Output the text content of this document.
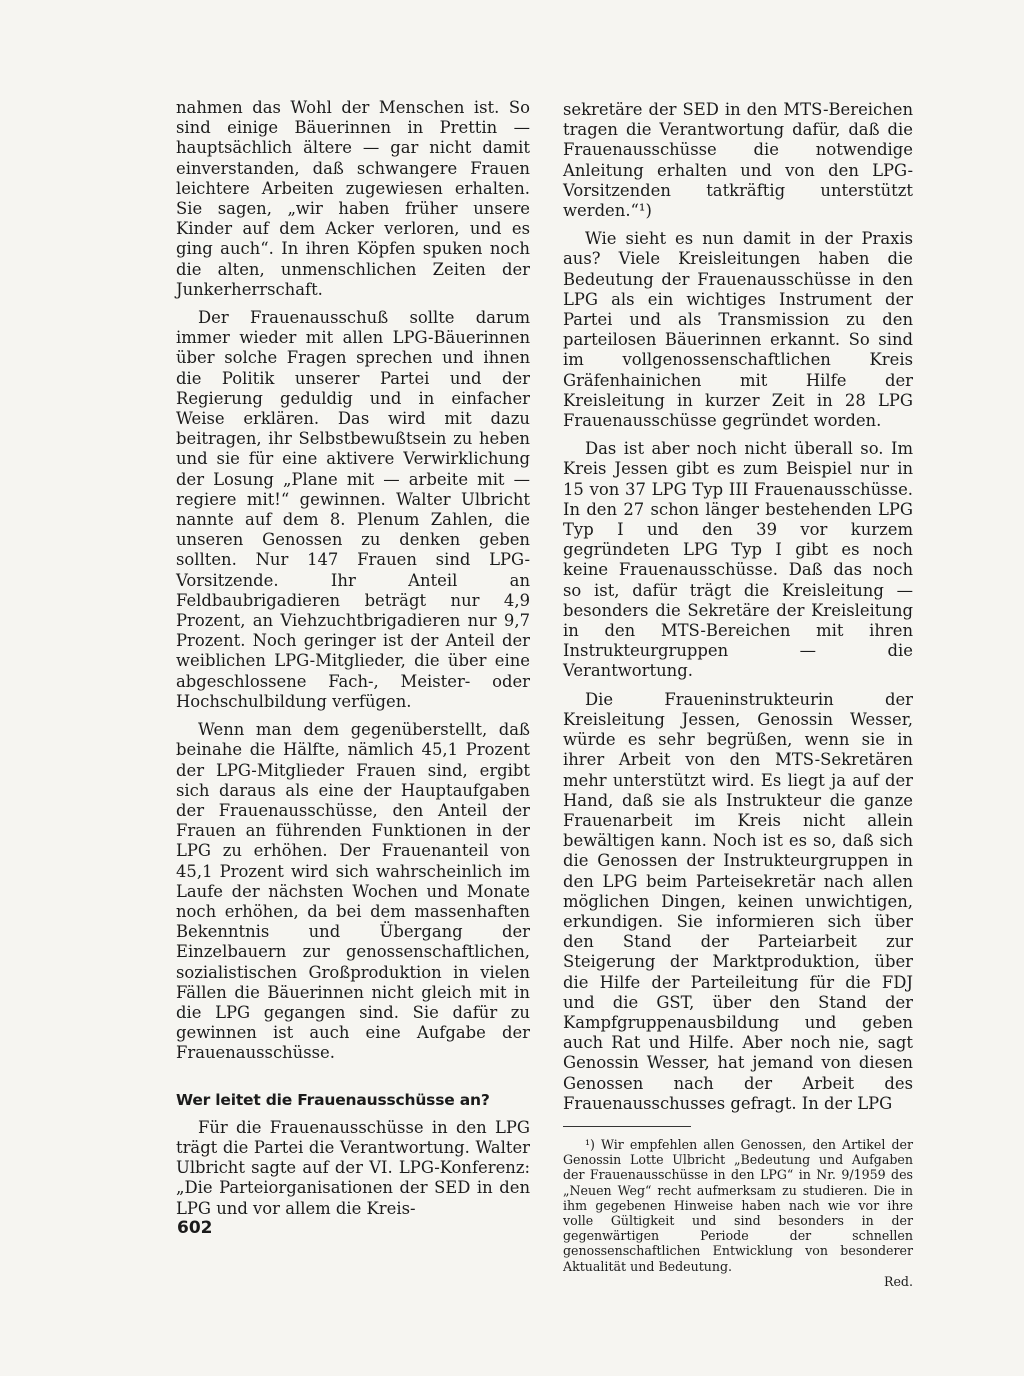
nahmen das Wohl der Menschen ist. So sind einige Bäuerinnen in Prettin — hauptsächlich ältere — gar nicht damit einverstanden, daß schwangere Frauen leichtere Arbeiten zugewiesen erhalten. Sie sagen, „wir haben früher unsere Kinder auf dem Acker verloren, und es ging auch“. In ihren Köpfen spuken noch die alten, unmenschlichen Zeiten der Junkerherrschaft.

Der Frauenausschuß sollte darum immer wieder mit allen LPG-Bäuerinnen über solche Fragen sprechen und ihnen die Politik unserer Partei und der Regierung geduldig und in einfacher Weise erklären. Das wird mit dazu beitragen, ihr Selbstbewußtsein zu heben und sie für eine aktivere Verwirklichung der Losung „Plane mit — arbeite mit — regiere mit!“ gewinnen. Walter Ulbricht nannte auf dem 8. Plenum Zahlen, die unseren Genossen zu denken geben sollten. Nur 147 Frauen sind LPG-Vorsitzende. Ihr Anteil an Feldbaubrigadieren beträgt nur 4,9 Prozent, an Viehzuchtbrigadieren nur 9,7 Prozent. Noch geringer ist der Anteil der weiblichen LPG-Mitglieder, die über eine abgeschlossene Fach-, Meister- oder Hochschulbildung verfügen.

Wenn man dem gegenüberstellt, daß beinahe die Hälfte, nämlich 45,1 Prozent der LPG-Mitglieder Frauen sind, ergibt sich daraus als eine der Hauptaufgaben der Frauenausschüsse, den Anteil der Frauen an führenden Funktionen in der LPG zu erhöhen. Der Frauenanteil von 45,1 Prozent wird sich wahrscheinlich im Laufe der nächsten Wochen und Monate noch erhöhen, da bei dem massenhaften Bekenntnis und Übergang der Einzelbauern zur genossenschaftlichen, sozialistischen Großproduktion in vielen Fällen die Bäuerinnen nicht gleich mit in die LPG gegangen sind. Sie dafür zu gewinnen ist auch eine Aufgabe der Frauenausschüsse.

Wer leitet die Frauenausschüsse an?

Für die Frauenausschüsse in den LPG trägt die Partei die Verantwortung. Walter Ulbricht sagte auf der VI. LPG-Konferenz: „Die Parteiorganisationen der SED in den LPG und vor allem die Kreis-

sekretäre der SED in den MTS-Bereichen tragen die Verantwortung dafür, daß die Frauenausschüsse die notwendige Anleitung erhalten und von den LPG-Vorsitzenden tatkräftig unterstützt werden.“¹)

Wie sieht es nun damit in der Praxis aus? Viele Kreisleitungen haben die Bedeutung der Frauenausschüsse in den LPG als ein wichtiges Instrument der Partei und als Transmission zu den parteilosen Bäuerinnen erkannt. So sind im vollgenossenschaftlichen Kreis Gräfenhainichen mit Hilfe der Kreisleitung in kurzer Zeit in 28 LPG Frauenausschüsse gegründet worden.

Das ist aber noch nicht überall so. Im Kreis Jessen gibt es zum Beispiel nur in 15 von 37 LPG Typ III Frauenausschüsse. In den 27 schon länger bestehenden LPG Typ I und den 39 vor kurzem gegründeten LPG Typ I gibt es noch keine Frauenausschüsse. Daß das noch so ist, dafür trägt die Kreisleitung — besonders die Sekretäre der Kreisleitung in den MTS-Bereichen mit ihren Instrukteurgruppen — die Verantwortung.

Die Fraueninstrukteurin der Kreisleitung Jessen, Genossin Wesser, würde es sehr begrüßen, wenn sie in ihrer Arbeit von den MTS-Sekretären mehr unterstützt wird. Es liegt ja auf der Hand, daß sie als Instrukteur die ganze Frauenarbeit im Kreis nicht allein bewältigen kann. Noch ist es so, daß sich die Genossen der Instrukteurgruppen in den LPG beim Parteisekretär nach allen möglichen Dingen, keinen unwichtigen, erkundigen. Sie informieren sich über den Stand der Parteiarbeit zur Steigerung der Marktproduktion, über die Hilfe der Parteileitung für die FDJ und die GST, über den Stand der Kampfgruppenausbildung und geben auch Rat und Hilfe. Aber noch nie, sagt Genossin Wesser, hat jemand von diesen Genossen nach der Arbeit des Frauenausschusses gefragt. In der LPG

¹) Wir empfehlen allen Genossen, den Artikel der Genossin Lotte Ulbricht „Bedeutung und Aufgaben der Frauenausschüsse in den LPG“ in Nr. 9/1959 des „Neuen Weg“ recht aufmerksam zu studieren. Die in ihm gegebenen Hinweise haben nach wie vor ihre volle Gültigkeit und sind besonders in der gegenwärtigen Periode der schnellen genossenschaftlichen Entwicklung von besonderer Aktualität und Bedeutung.
Red.

602
